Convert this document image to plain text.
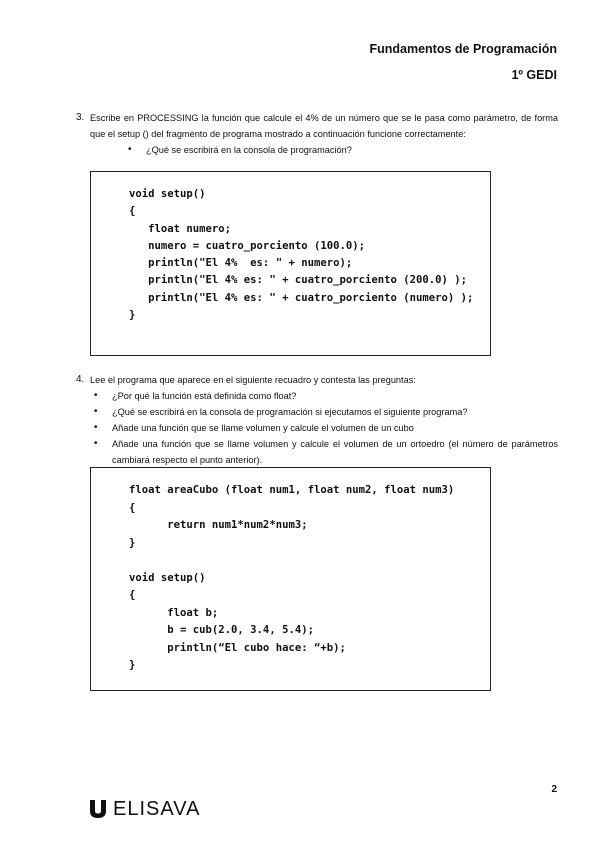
Fundamentos de Programación
1º GEDI
3. Escribe en PROCESSING la función que calcule el 4% de un número que se le pasa como parámetro, de forma que el setup () del fragmento de programa mostrado a continuación funcione correctamente:

• ¿Qué se escribirá en la consola de programación?
void setup()
{
float numero;
numero = cuatro_porciento (100.0);
println("El 4%  es: " + numero);
println("El 4% es: " + cuatro_porciento (200.0) );
println("El 4% es: " + cuatro_porciento (numero) );
}
4. Lee el programa que aparece en el siguiente recuadro y contesta las preguntas:

• ¿Por qué la función está definida como float?
• ¿Qué se escribirá en la consola de programación si ejecutamos el siguiente programa?
• Añade una función que se llame volumen y calcule el volumen de un cubo
• Añade una función que se llame volumen y calcule el volumen de un ortoedro (el número de parámetros cambiará respecto el punto anterior).
float areaCubo (float num1, float num2, float num3)
{
return num1*num2*num3;
}

void setup()
{
float b;
b = cub(2.0, 3.4, 5.4);
println(“El cubo hace: “+b);
}
2
ELISAVA
